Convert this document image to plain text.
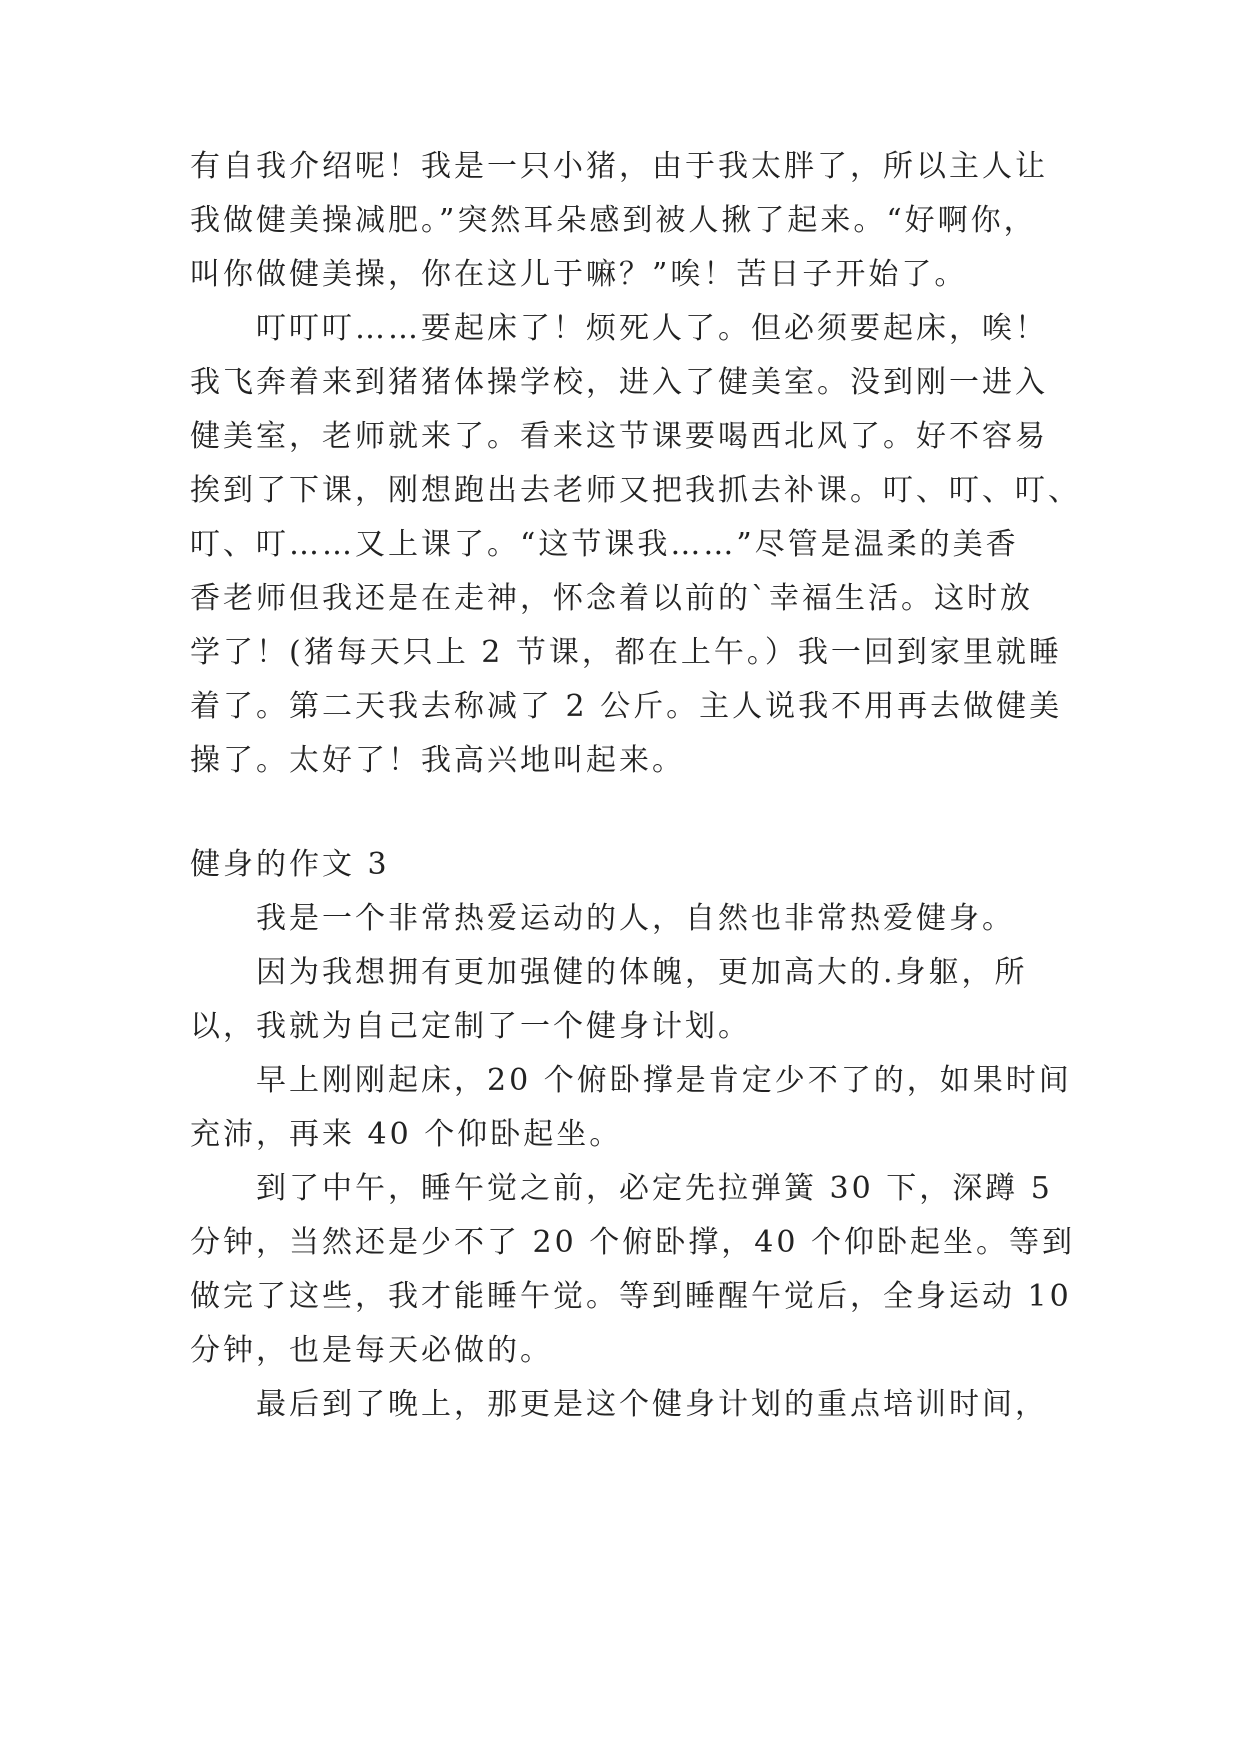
有自我介绍呢！我是一只小猪，由于我太胖了，所以主人让
我做健美操减肥。”突然耳朵感到被人揪了起来。“好啊你，
叫你做健美操，你在这儿于嘛？”唉！苦日子开始了。
叮叮叮……要起床了！烦死人了。但必须要起床，唉！
我飞奔着来到猪猪体操学校，进入了健美室。没到刚一进入
健美室，老师就来了。看来这节课要喝西北风了。好不容易
挨到了下课，刚想跑出去老师又把我抓去补课。叮、叮、叮、
叮、叮……又上课了。“这节课我……”尽管是温柔的美香
香老师但我还是在走神，怀念着以前的`幸福生活。这时放
学了！(猪每天只上 2 节课，都在上午。）我一回到家里就睡
着了。第二天我去称减了 2 公斤。主人说我不用再去做健美
操了。太好了！我高兴地叫起来。
健身的作文 3
我是一个非常热爱运动的人，自然也非常热爱健身。
因为我想拥有更加强健的体魄，更加高大的.身躯，所
以，我就为自己定制了一个健身计划。
早上刚刚起床，20 个俯卧撑是肯定少不了的，如果时间
充沛，再来 40 个仰卧起坐。
到了中午，睡午觉之前，必定先拉弹簧 30 下，深蹲 5
分钟，当然还是少不了 20 个俯卧撑，40 个仰卧起坐。等到
做完了这些，我才能睡午觉。等到睡醒午觉后，全身运动 10
分钟，也是每天必做的。
最后到了晚上，那更是这个健身计划的重点培训时间，
